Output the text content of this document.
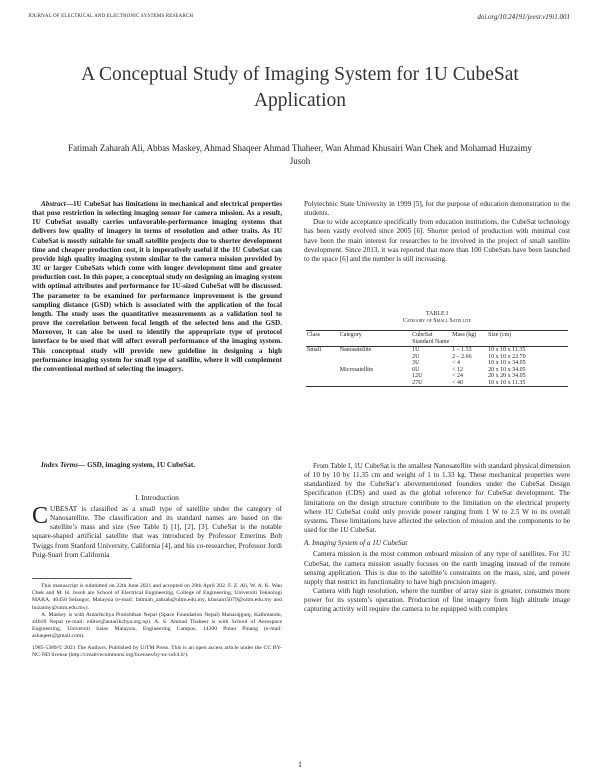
JOURNAL OF ELECTRICAL AND ELECTRONIC SYSTEMS RESEARCH	doi.org/10.24191/jeesr.v19i1.001
A Conceptual Study of Imaging System for 1U CubeSat Application
Fatimah Zaharah Ali, Abbas Maskey, Ahmad Shaqeer Ahmad Thaheer, Wan Ahmad Khusairi Wan Chek and Mohamad Huzaimy Jusoh

Abstract—1U CubeSat has limitations in mechanical and electrical properties that pose restriction in selecting imaging sensor for camera mission. As a result, 1U CubeSat usually carries unfavorable-performance imaging systems that delivers low quality of imagery in terms of resolution and other traits. As 1U CubeSat is mostly suitable for small satellite projects due to shorter development time and cheaper production cost, it is imperatively useful if the 1U CubeSat can provide high quality imaging system similar to the camera mission provided by 3U or larger CubeSats which come with longer development time and greater production cost. In this paper, a conceptual study on designing an imaging system with optimal attributes and performance for 1U-sized CubeSat will be discussed. The parameter to be examined for performance improvement is the ground sampling distance (GSD) which is associated with the application of the focal length. The study uses the quantitative measurements as a validation tool to prove the correlation between focal length of the selected lens and the GSD. Moreover, it can also be used to identify the appropriate type of protocol interface to be used that will affect overall performance of the imaging system. This conceptual study will provide new guideline in designing a high performance imaging system for small type of satellite, where it will complement the conventional method of selecting the imagery.

Index Terms— GSD, imaging system, 1U CubeSat.

I. Introduction
CUBESAT is classified as a small type of satellite under the category of Nanosatellite. The classification and its standard names are based on the satellite’s mass and size (See Table I) [1], [2], [3]. CubeSat is the notable square-shaped artificial satellite that was introduced by Professor Emeritus Bob Twiggs from Stanford University, California [4], and his co-researcher, Professor Jordi Puig-Suari from California

This manuscript is submitted on 22th June 2021 and accepted on 29th April 202. F. Z. Ali, W. A. K. Wan Chek and M. H. Jusoh are School of Electrical Engineering, College of Engineering, Universiti Teknologi MARA, 40450 Selangor, Malaysia (e-mail: fatimah_zahrah@uitm.edu.my, khusairi5079@uitm.edu.my and huzaimy@uitm.edu.my).

A. Maskey is with Antarikchya Pratishthan Nepal (Space Foundation Nepal) Maharajgunj, Kathmandu, 44618 Nepal (e-mail: editor@antarikchya.org.np). A. S. Ahmad Thaheer is with School of Aerospace Engineering, Universiti Sains Malaysia, Engineering Campus, 14300 Pulau Pinang (e-mail: ashaqeer@gmail.com).

1985-5389/© 2021 The Authors. Published by UiTM Press. This is an open access article under the CC BY-NC-ND license (http://creativecommons.org/licenses/by-nc-nd/4.0/).

Polytechnic State University in 1999 [5], for the purpose of education demonstration to the students.

Due to wide acceptance specifically from education institutions, the CubeSat technology has been vastly evolved since 2005 [6]. Shorter period of production with minimal cost have been the main interest for researches to be involved in the project of small satellite development. Since 2013, it was reported that more than 100 CubeSats have been launched to the space [6] and the number is still increasing.

TABLE I
Category of Small Satellite
Class	Category	CubeSat Standard Name	Mass (kg)	Size (cm)
Small	Nanosatellite	1U	1 – 1.33	10 x 10 x 11.35
		2U	2 – 2.66	10 x 10 x 22.70
		3U	< 4	10 x 10 x 34.05
	Microsatellite	6U	< 12	20 x 10 x 34.05
		12U	< 24	20 x 20 x 34.05
		27U	< 40	10 x 10 x 11.35

From Table I, 1U CubeSat is the smallest Nanosatellite with standard physical dimension of 10 by 10 by 11.35 cm and weight of 1 to 1.33 kg. These mechanical properties were standardized by the CubeSat’s abovementioned founders under the CubeSat Design Specification (CDS) and used as the global reference for CubeSat development. The limitations on the design structure contribute to the limitation on the electrical property where 1U CubeSat could only provide power ranging from 1 W to 2.5 W to its overall systems. These limitations have affected the selection of mission and the components to be used for the 1U CubeSat.

A. Imaging System of a 1U CubeSat

Camera mission is the most common onboard mission of any type of satellites. For 1U CubeSat, the camera mission usually focuses on the earth imaging instead of the remote sensing application. This is due to the satellite’s constraints on the mass, size, and power supply that restrict its functionality to have high precision imagery.

Camera with high resolution, where the number of array size is greater, consumes more power for its system’s operation. Production of fine imagery from high altitude image capturing activity will require the camera to be equipped with complex

1
